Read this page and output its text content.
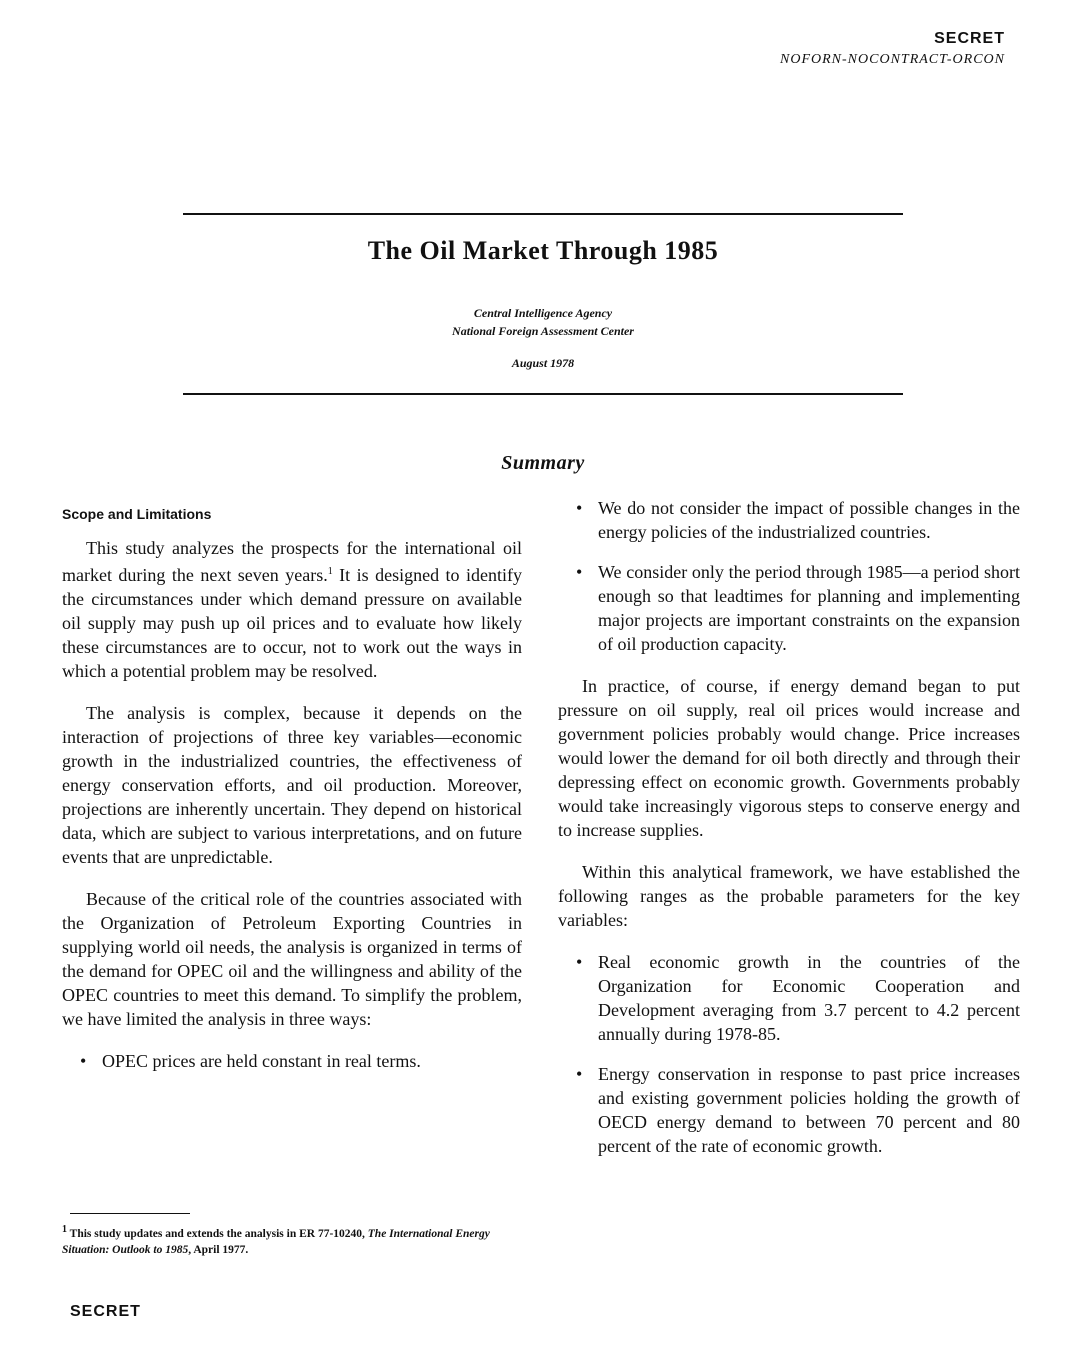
SECRET
NOFORN-NOCONTRACT-ORCON
The Oil Market Through 1985
Central Intelligence Agency
National Foreign Assessment Center
August 1978
Summary
Scope and Limitations

This study analyzes the prospects for the international oil market during the next seven years.$^1$ It is designed to identify the circumstances under which demand pressure on available oil supply may push up oil prices and to evaluate how likely these circumstances are to occur, not to work out the ways in which a potential problem may be resolved.

The analysis is complex, because it depends on the interaction of projections of three key variables—economic growth in the industrialized countries, the effectiveness of energy conservation efforts, and oil production. Moreover, projections are inherently uncertain. They depend on historical data, which are subject to various interpretations, and on future events that are unpredictable.

Because of the critical role of the countries associated with the Organization of Petroleum Exporting Countries in supplying world oil needs, the analysis is organized in terms of the demand for OPEC oil and the willingness and ability of the OPEC countries to meet this demand. To simplify the problem, we have limited the analysis in three ways:

• OPEC prices are held constant in real terms.
$^1$ This study updates and extends the analysis in ER 77-10240, The International Energy Situation: Outlook to 1985, April 1977.
• We do not consider the impact of possible changes in the energy policies of the industrialized countries.
• We consider only the period through 1985—a period short enough so that leadtimes for planning and implementing major projects are important constraints on the expansion of oil production capacity.

In practice, of course, if energy demand began to put pressure on oil supply, real oil prices would increase and government policies probably would change. Price increases would lower the demand for oil both directly and through their depressing effect on economic growth. Governments probably would take increasingly vigorous steps to conserve energy and to increase supplies.

Within this analytical framework, we have established the following ranges as the probable parameters for the key variables:

• Real economic growth in the countries of the Organization for Economic Cooperation and Development averaging from 3.7 percent to 4.2 percent annually during 1978-85.
• Energy conservation in response to past price increases and existing government policies holding the growth of OECD energy demand to between 70 percent and 80 percent of the rate of economic growth.
SECRET
